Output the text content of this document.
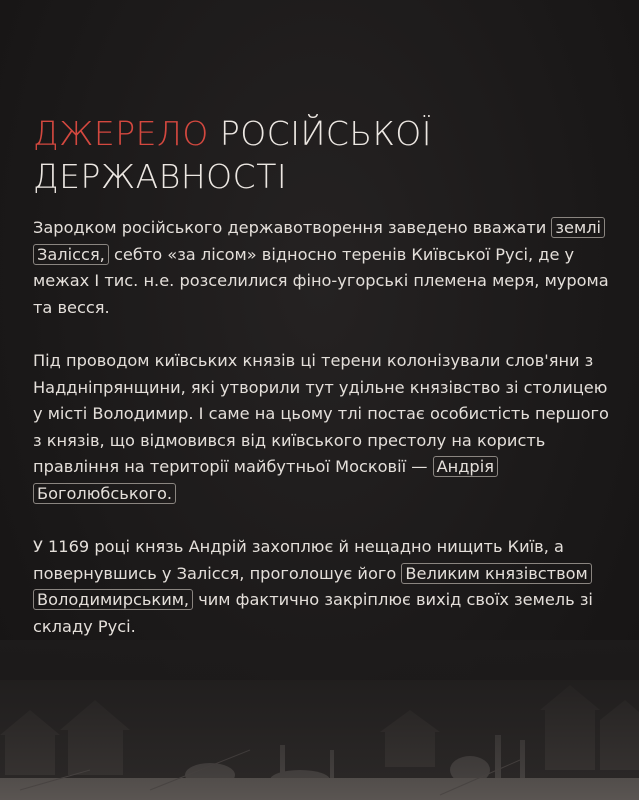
ДЖЕРЕЛО РОСІЙСЬКОЇ
ДЕРЖАВНОСТІ

Зародком російського державотворення заведено вважати землі Залісся, себто «за лісом» відносно теренів Київської Русі, де у межах І тис. н.е. розселилися фіно-угорські племена меря, мурома та весся.

Під проводом київських князів ці терени колонізували слов'яни з Наддніпрянщини, які утворили тут удільне князівство зі столицею у місті Володимир. І саме на цьому тлі постає особистість першого з князів, що відмовився від київського престолу на користь правління на території майбутньої Московії — Андрія Боголюбського.

У 1169 році князь Андрій захоплює й нещадно нищить Київ, а повернувшись у Залісся, проголошує його Великим князівством Володимирським, чим фактично закріплює вихід своїх земель зі складу Русі.
